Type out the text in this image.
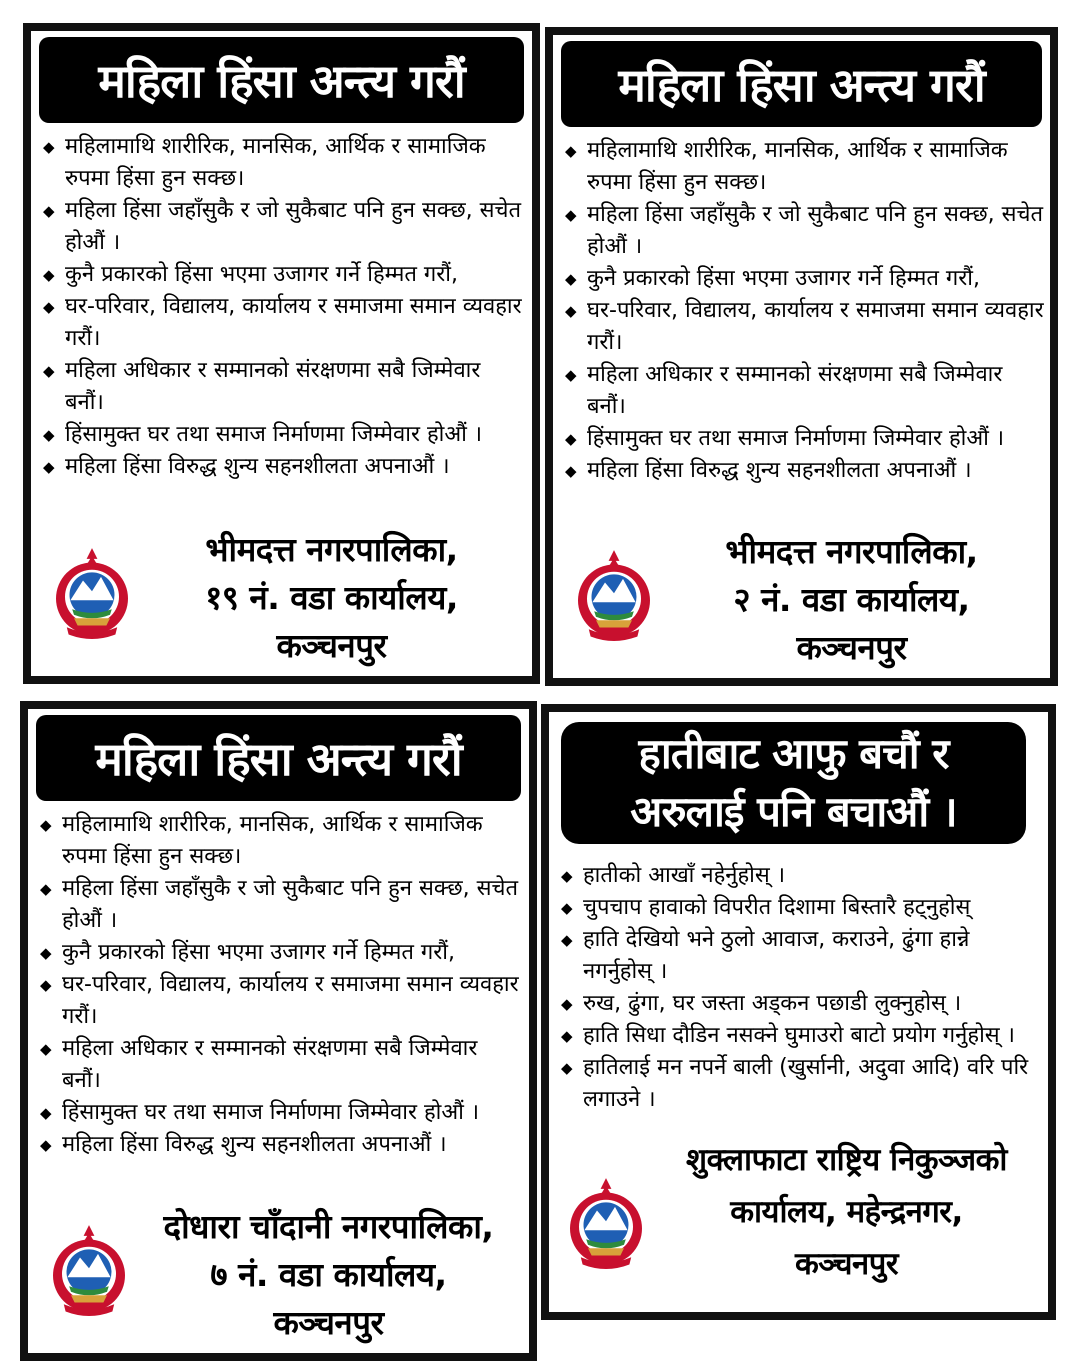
महिला हिंसा अन्त्य गरौं
◆ महिलामाथि शारीरिक, मानसिक, आर्थिक र सामाजिक रुपमा हिंसा हुन सक्छ।
◆ महिला हिंसा जहाँसुकै र जो सुकैबाट पनि हुन सक्छ, सचेत होऔं ।
◆ कुनै प्रकारको हिंसा भएमा उजागर गर्ने हिम्मत गरौं,
◆ घर-परिवार, विद्यालय, कार्यालय र समाजमा समान व्यवहार गरौं।
◆ महिला अधिकार र सम्मानको संरक्षणमा सबै जिम्मेवार बनौं।
◆ हिंसामुक्त घर तथा समाज निर्माणमा जिम्मेवार होऔं ।
◆ महिला हिंसा विरुद्ध शुन्य सहनशीलता अपनाऔं ।
भीमदत्त नगरपालिका,
१९ नं. वडा कार्यालय,
कञ्चनपुर
महिला हिंसा अन्त्य गरौं
◆ महिलामाथि शारीरिक, मानसिक, आर्थिक र सामाजिक रुपमा हिंसा हुन सक्छ।
◆ महिला हिंसा जहाँसुकै र जो सुकैबाट पनि हुन सक्छ, सचेत होऔं ।
◆ कुनै प्रकारको हिंसा भएमा उजागर गर्ने हिम्मत गरौं,
◆ घर-परिवार, विद्यालय, कार्यालय र समाजमा समान व्यवहार गरौं।
◆ महिला अधिकार र सम्मानको संरक्षणमा सबै जिम्मेवार बनौं।
◆ हिंसामुक्त घर तथा समाज निर्माणमा जिम्मेवार होऔं ।
◆ महिला हिंसा विरुद्ध शुन्य सहनशीलता अपनाऔं ।
भीमदत्त नगरपालिका,
२ नं. वडा कार्यालय,
कञ्चनपुर
महिला हिंसा अन्त्य गरौं
◆ महिलामाथि शारीरिक, मानसिक, आर्थिक र सामाजिक रुपमा हिंसा हुन सक्छ।
◆ महिला हिंसा जहाँसुकै र जो सुकैबाट पनि हुन सक्छ, सचेत होऔं ।
◆ कुनै प्रकारको हिंसा भएमा उजागर गर्ने हिम्मत गरौं,
◆ घर-परिवार, विद्यालय, कार्यालय र समाजमा समान व्यवहार गरौं।
◆ महिला अधिकार र सम्मानको संरक्षणमा सबै जिम्मेवार बनौं।
◆ हिंसामुक्त घर तथा समाज निर्माणमा जिम्मेवार होऔं ।
◆ महिला हिंसा विरुद्ध शुन्य सहनशीलता अपनाऔं ।
दोधारा चाँदानी नगरपालिका,
७ नं. वडा कार्यालय,
कञ्चनपुर
हातीबाट आफु बचौं र
अरुलाई पनि बचाऔं ।
◆ हातीको आखाँ नहेर्नुहोस् ।
◆ चुपचाप हावाको विपरीत दिशामा बिस्तारै हट्नुहोस्
◆ हाति देखियो भने ठुलो आवाज, कराउने, ढुंगा हान्ने नगर्नुहोस् ।
◆ रुख, ढुंगा, घर जस्ता अड्कन पछाडी लुक्नुहोस् ।
◆ हाति सिधा दौडिन नसक्ने घुमाउरो बाटो प्रयोग गर्नुहोस् ।
◆ हातिलाई मन नपर्ने बाली (खुर्सानी, अदुवा आदि) वरि परि लगाउने ।
शुक्लाफाटा राष्ट्रिय निकुञ्जको
कार्यालय, महेन्द्रनगर,
कञ्चनपुर
